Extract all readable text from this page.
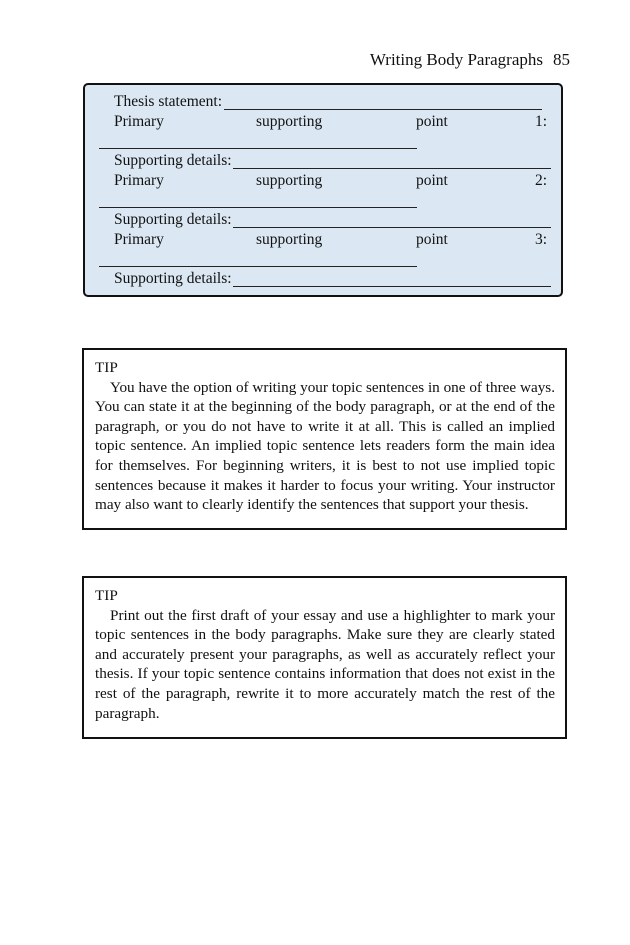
Writing Body Paragraphs 85
Thesis statement:
Primary	supporting	point	1:
Supporting details:
Primary	supporting	point	2:
Supporting details:
Primary	supporting	point	3:
Supporting details:
TIP

You have the option of writing your topic sentences in one of three ways. You can state it at the beginning of the body paragraph, or at the end of the paragraph, or you do not have to write it at all. This is called an implied topic sentence. An implied topic sentence lets readers form the main idea for themselves. For beginning writers, it is best to not use implied topic sentences because it makes it harder to focus your writing. Your instructor may also want to clearly identify the sentences that support your thesis.

TIP

Print out the first draft of your essay and use a highlighter to mark your topic sentences in the body paragraphs. Make sure they are clearly stated and accurately present your paragraphs, as well as accurately reflect your thesis. If your topic sentence contains information that does not exist in the rest of the paragraph, rewrite it to more accurately match the rest of the paragraph.
